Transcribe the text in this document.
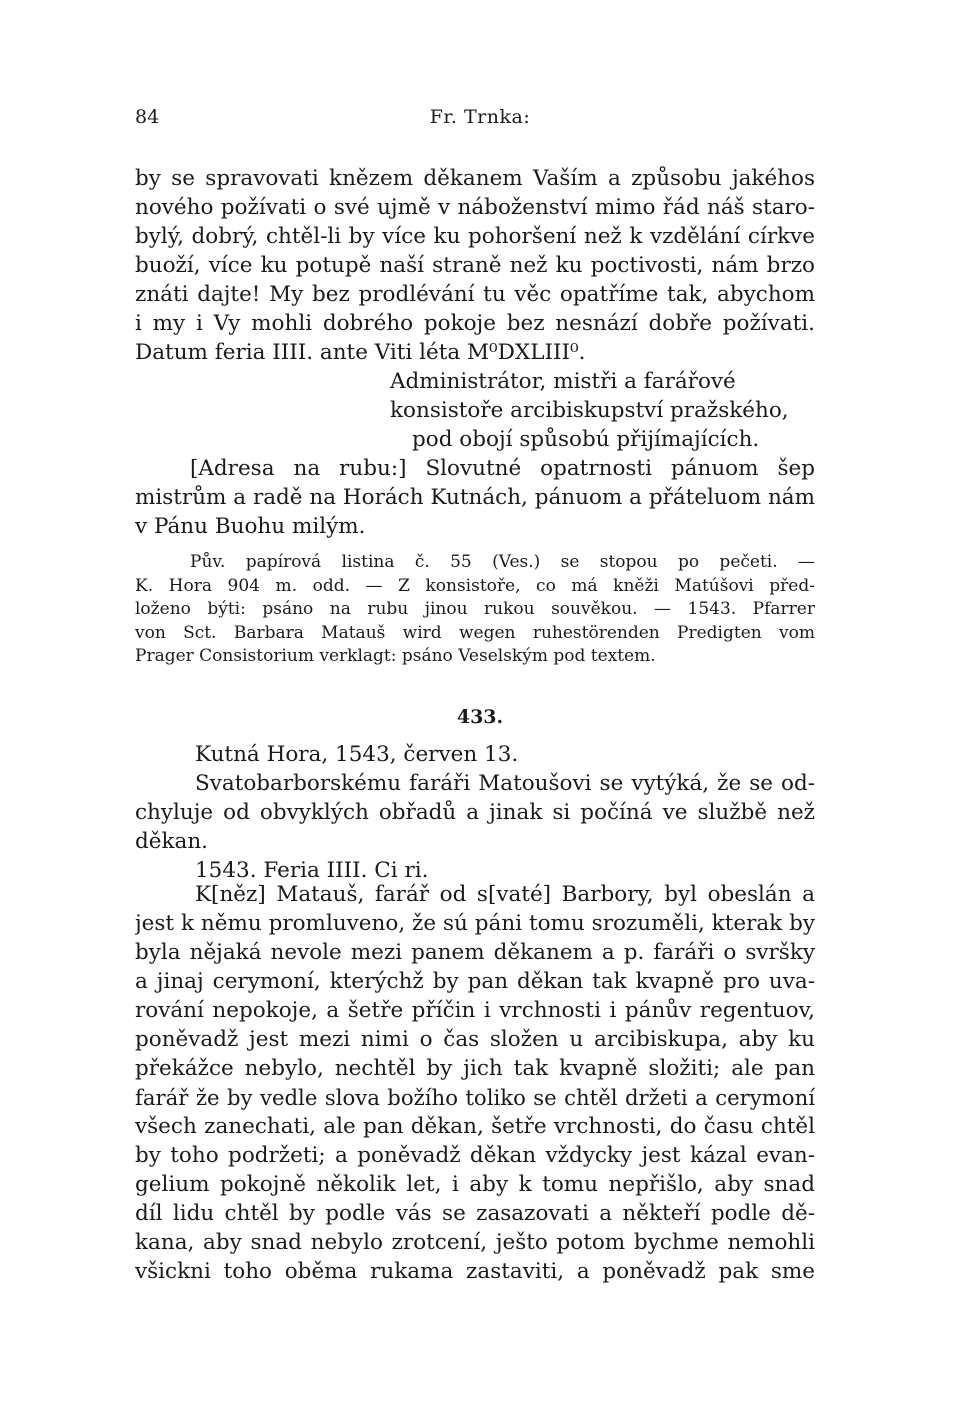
84	Fr. Trnka:
by se spravovati knězem děkanem Vaším a způsobu jakéhos
nového požívati o své ujmě v náboženství mimo řád náš staro-
bylý, dobrý, chtěl-li by více ku pohoršení než k vzdělání církve
buoží, více ku potupě naší straně než ku poctivosti, nám brzo
znáti dajte! My bez prodlévání tu věc opatříme tak, abychom
i my i Vy mohli dobrého pokoje bez nesnází dobře požívati.
Datum feria IIII. ante Viti léta M⁰DXLIII⁰.
Administrátor, mistři a farářové
konsistoře arcibiskupství pražského,
pod obojí spůsobú přijímajících.
[Adresa na rubu:] Slovutné opatrnosti pánuom šep
mistrům a radě na Horách Kutnách, pánuom a přáteluom nám
v Pánu Buohu milým.
Pův. papírová listina č. 55 (Ves.) se stopou po pečeti. —
K. Hora 904 m. odd. — Z konsistoře, co má kněži Matúšovi před-
loženo býti: psáno na rubu jinou rukou souvěkou. — 1543. Pfarrer
von Sct. Barbara Matauš wird wegen ruhestörenden Predigten vom
Prager Consistorium verklagt: psáno Veselským pod textem.
433.
Kutná Hora, 1543, červen 13.
Svatobarborskému faráři Matoušovi se vytýká, že se od-
chyluje od obvyklých obřadů a jinak si počíná ve službě než
děkan.
1543. Feria IIII. Ci ri.
K[něz] Matauš, farář od s[vaté] Barbory, byl obeslán a
jest k němu promluveno, že sú páni tomu srozuměli, kterak by
byla nějaká nevole mezi panem děkanem a p. faráři o svršky
a jinaj cerymoní, kterýchž by pan děkan tak kvapně pro uva-
rování nepokoje, a šetře příčin i vrchnosti i pánův regentuov,
poněvadž jest mezi nimi o čas složen u arcibiskupa, aby ku
překážce nebylo, nechtěl by jich tak kvapně složiti; ale pan
farář že by vedle slova božího toliko se chtěl držeti a cerymoní
všech zanechati, ale pan děkan, šetře vrchnosti, do času chtěl
by toho podržeti; a poněvadž děkan vždycky jest kázal evan-
gelium pokojně několik let, i aby k tomu nepřišlo, aby snad
díl lidu chtěl by podle vás se zasazovati a někteří podle dě-
kana, aby snad nebylo zrotcení, ješto potom bychme nemohli
všickni toho oběma rukama zastaviti, a poněvadž pak sme
